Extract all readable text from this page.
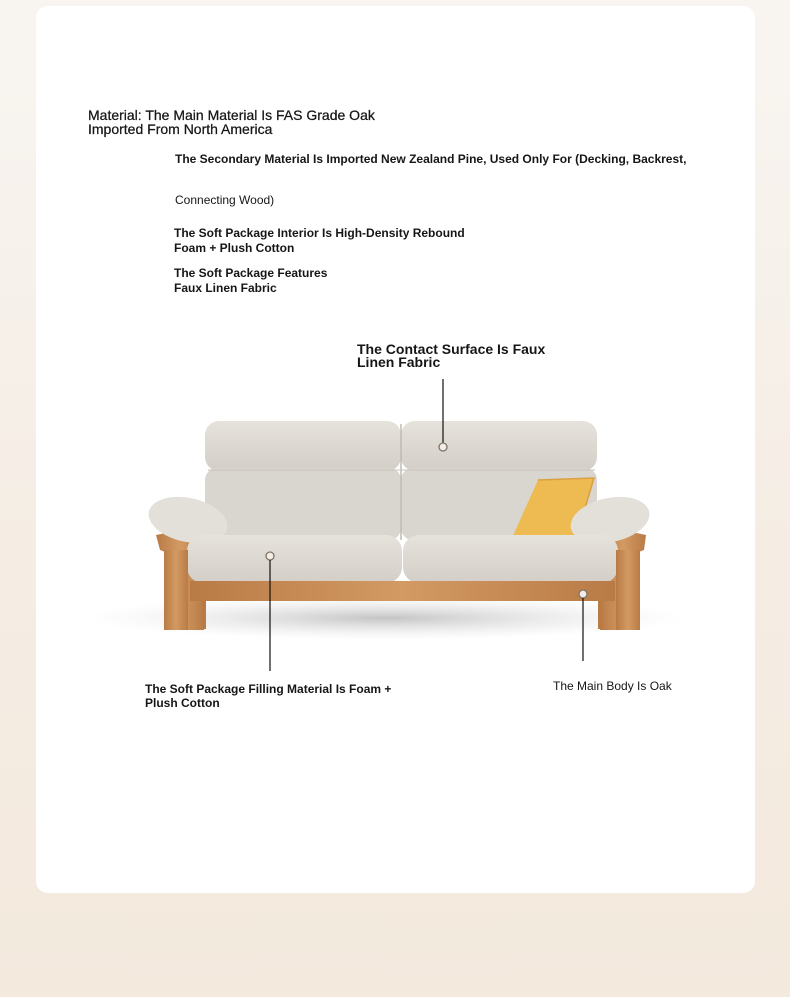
Material: The Main Material Is FAS Grade Oak
Imported From North America

The Secondary Material Is Imported New Zealand Pine, Used Only For (Decking, Backrest,

Connecting Wood)

The Soft Package Interior Is High-Density Rebound
Foam + Plush Cotton

The Soft Package Features
Faux Linen Fabric

The Contact Surface Is Faux
Linen Fabric

The Soft Package Filling Material Is Foam +
Plush Cotton

The Main Body Is Oak
